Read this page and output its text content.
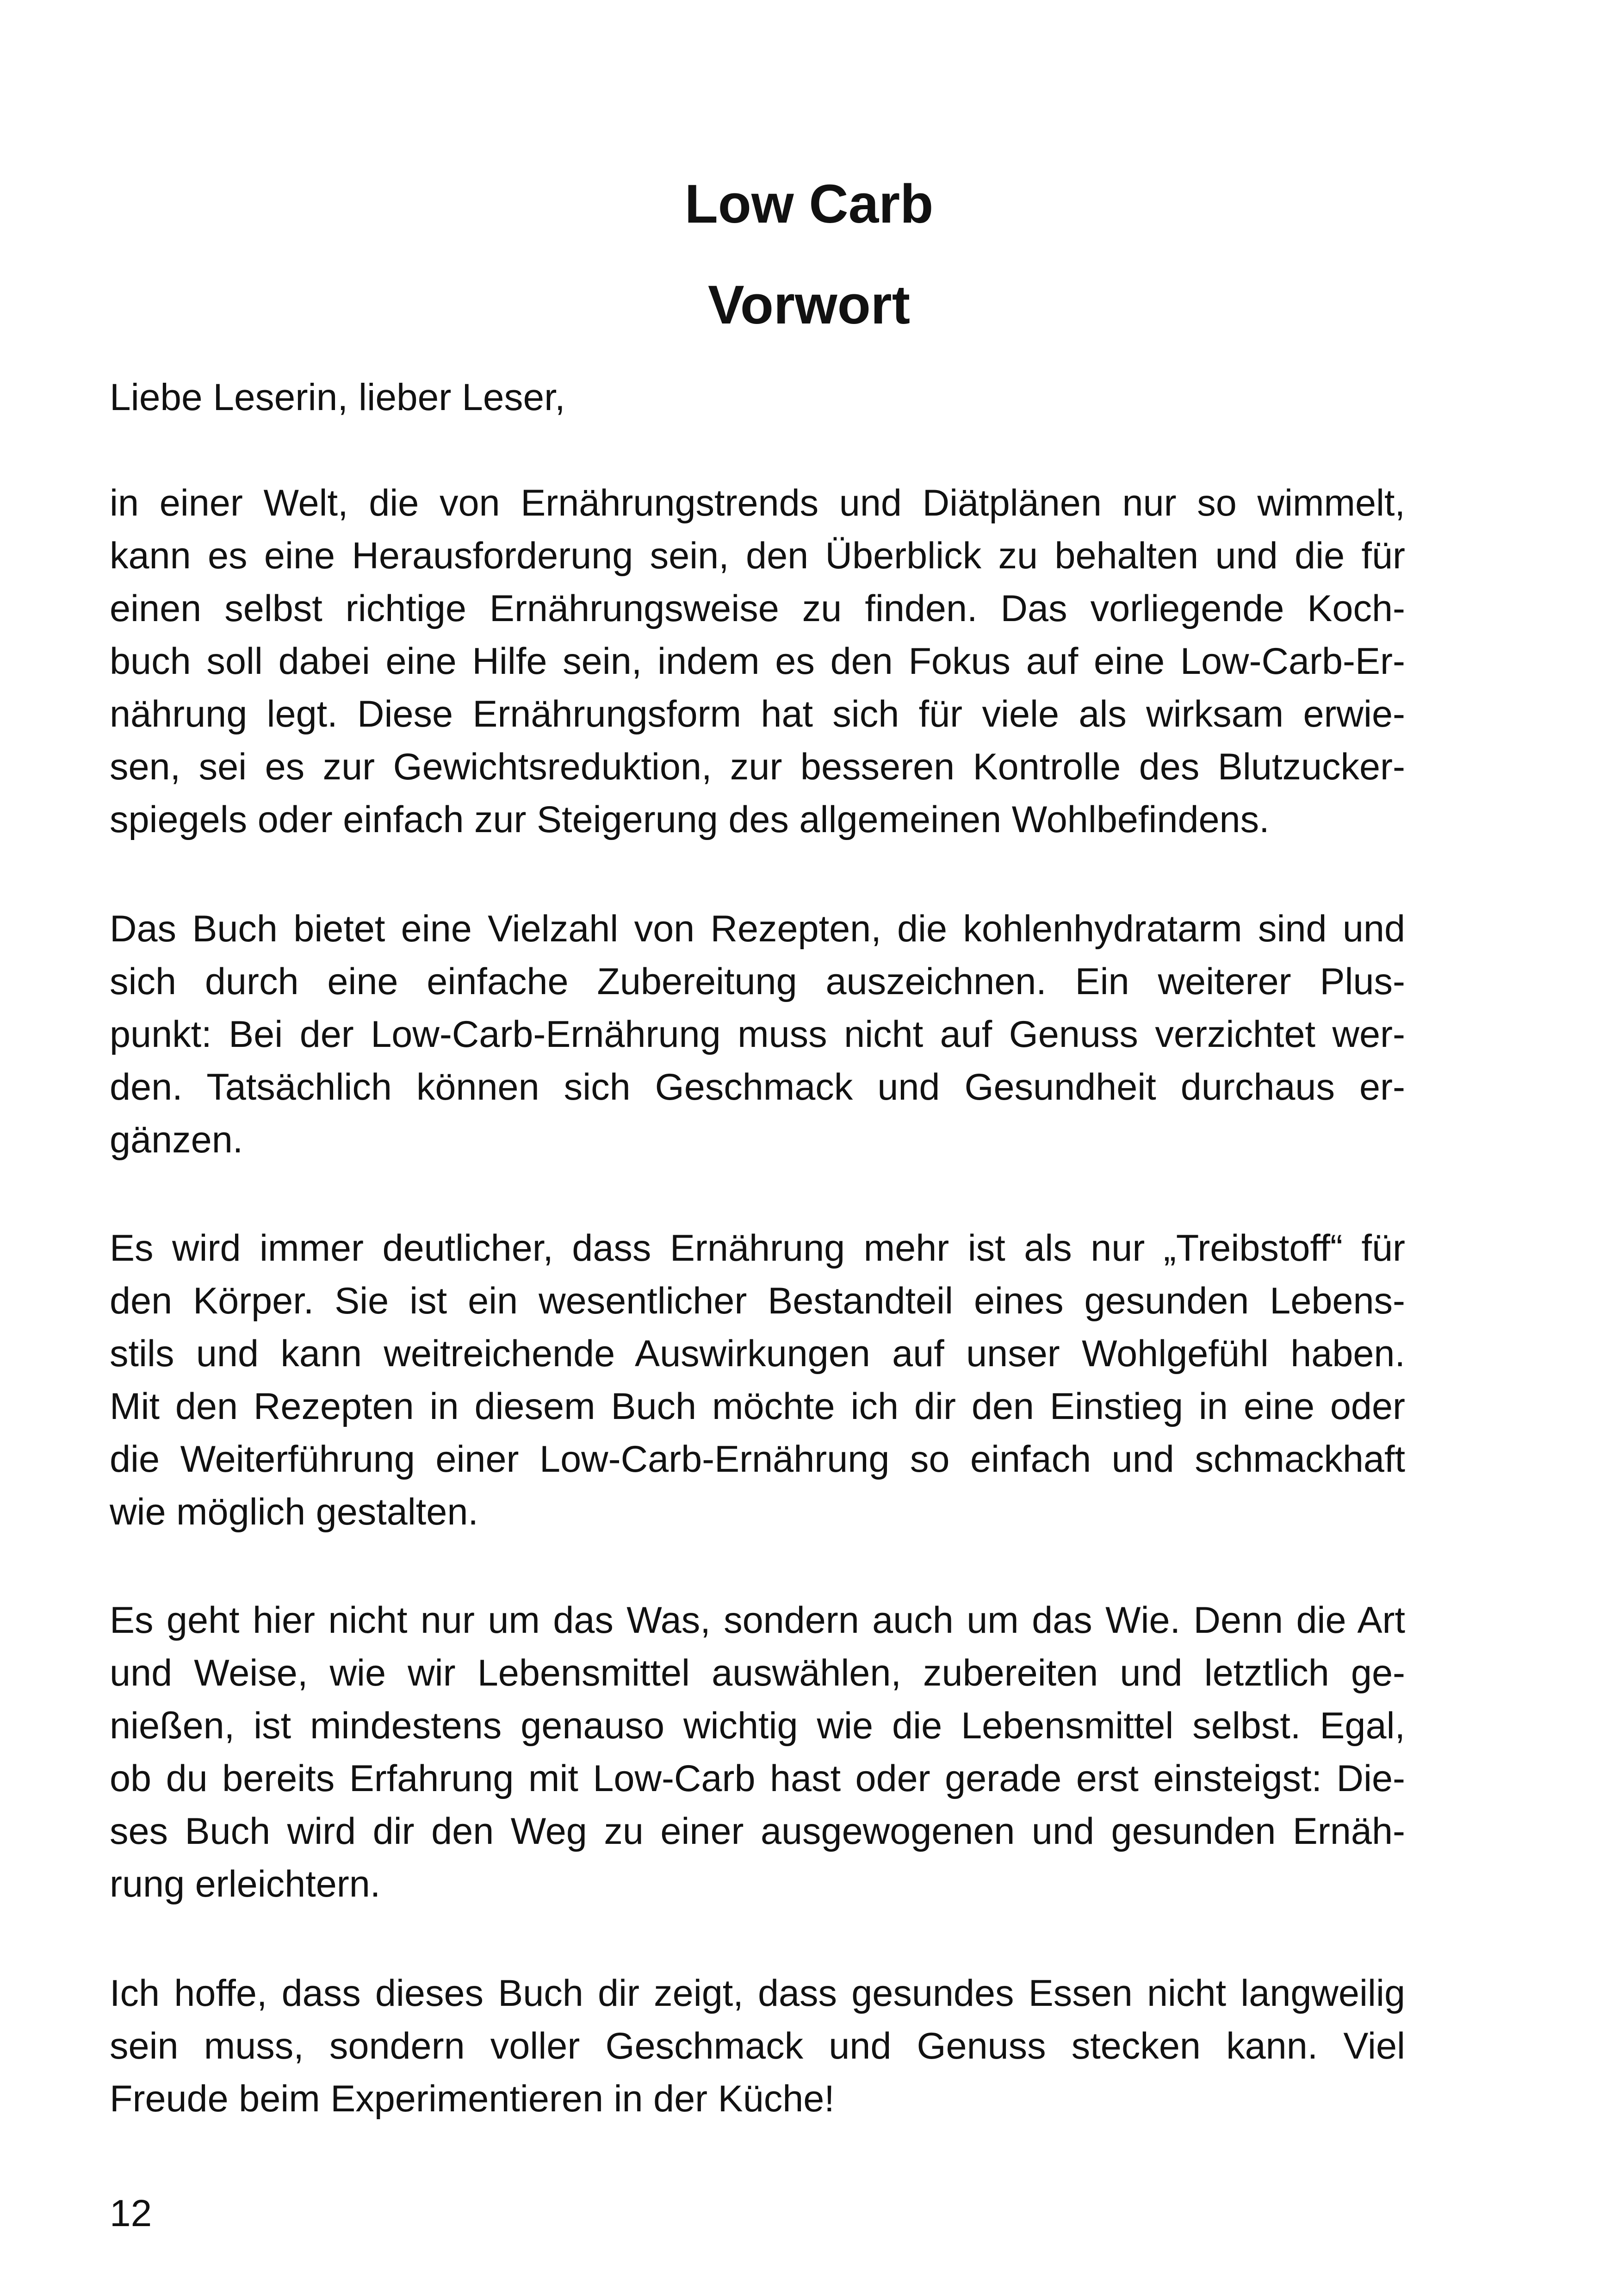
Low Carb
Vorwort

Liebe Leserin, lieber Leser,

in einer Welt, die von Ernährungstrends und Diätplänen nur so wimmelt,
kann es eine Herausforderung sein, den Überblick zu behalten und die für
einen selbst richtige Ernährungsweise zu finden. Das vorliegende Koch-
buch soll dabei eine Hilfe sein, indem es den Fokus auf eine Low-Carb-Er-
nährung legt. Diese Ernährungsform hat sich für viele als wirksam erwie-
sen, sei es zur Gewichtsreduktion, zur besseren Kontrolle des Blutzucker-
spiegels oder einfach zur Steigerung des allgemeinen Wohlbefindens.

Das Buch bietet eine Vielzahl von Rezepten, die kohlenhydratarm sind und
sich durch eine einfache Zubereitung auszeichnen. Ein weiterer Plus-
punkt: Bei der Low-Carb-Ernährung muss nicht auf Genuss verzichtet wer-
den. Tatsächlich können sich Geschmack und Gesundheit durchaus er-
gänzen.

Es wird immer deutlicher, dass Ernährung mehr ist als nur „Treibstoff“ für
den Körper. Sie ist ein wesentlicher Bestandteil eines gesunden Lebens-
stils und kann weitreichende Auswirkungen auf unser Wohlgefühl haben.
Mit den Rezepten in diesem Buch möchte ich dir den Einstieg in eine oder
die Weiterführung einer Low-Carb-Ernährung so einfach und schmackhaft
wie möglich gestalten.

Es geht hier nicht nur um das Was, sondern auch um das Wie. Denn die Art
und Weise, wie wir Lebensmittel auswählen, zubereiten und letztlich ge-
nießen, ist mindestens genauso wichtig wie die Lebensmittel selbst. Egal,
ob du bereits Erfahrung mit Low-Carb hast oder gerade erst einsteigst: Die-
ses Buch wird dir den Weg zu einer ausgewogenen und gesunden Ernäh-
rung erleichtern.

Ich hoffe, dass dieses Buch dir zeigt, dass gesundes Essen nicht langweilig
sein muss, sondern voller Geschmack und Genuss stecken kann. Viel
Freude beim Experimentieren in der Küche!

12
